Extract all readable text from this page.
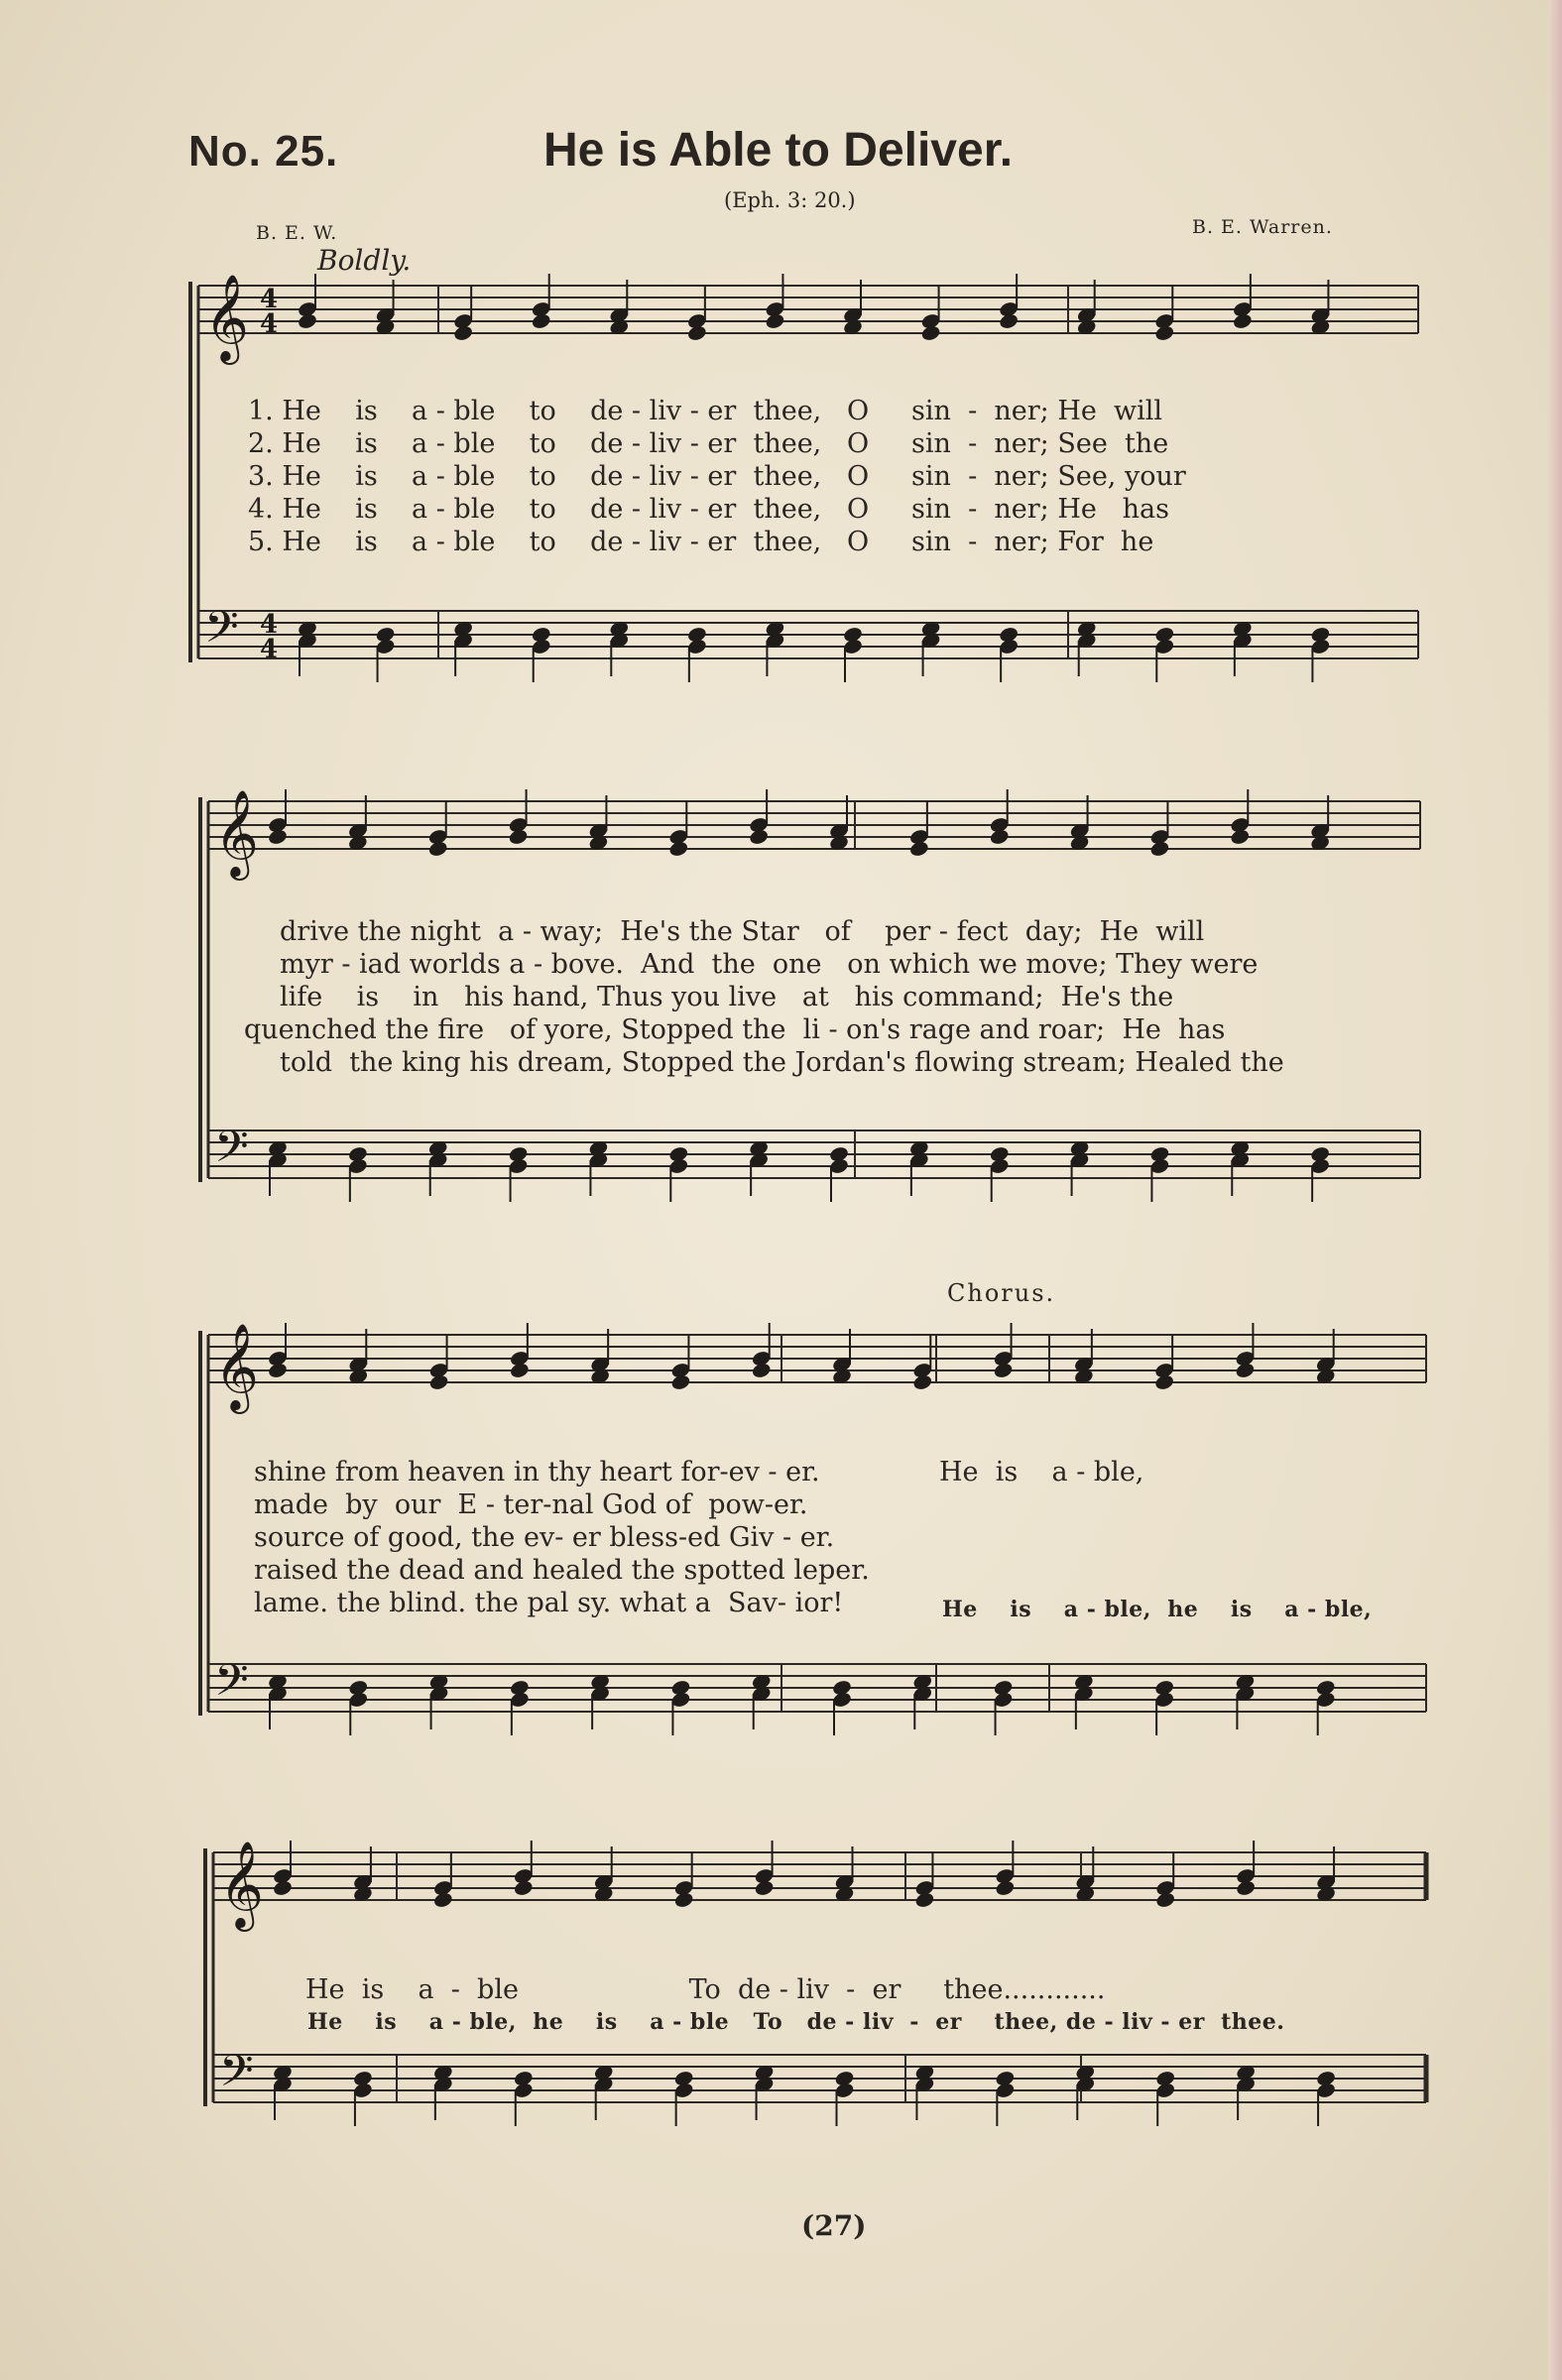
No. 25.	He is Able to Deliver.
(Eph. 3: 20.)
B. E. W.	B. E. Warren.
Boldly.
𝄞
𝄢
4
4
4
4
𝄞
𝄢
𝄞
𝄢
𝄞
𝄢
1. He    is    a - ble    to    de - liv - er  thee,   O     sin  -  ner; He  will
2. He    is    a - ble    to    de - liv - er  thee,   O     sin  -  ner; See  the
3. He    is    a - ble    to    de - liv - er  thee,   O     sin  -  ner; See, your
4. He    is    a - ble    to    de - liv - er  thee,   O     sin  -  ner; He   has
5. He    is    a - ble    to    de - liv - er  thee,   O     sin  -  ner; For  he
drive the night  a - way;  He's the Star   of    per - fect  day;  He  will
myr - iad worlds a - bove.  And  the  one   on which we move; They were
life    is    in   his hand, Thus you live   at   his command;  He's the
quenched the fire   of yore, Stopped the  li - on's rage and roar;  He  has
told  the king his dream, Stopped the Jordan's flowing stream; Healed the
Chorus.
shine from heaven in thy heart for-ev - er.
made  by  our  E - ter-nal God of  pow-er.
source of good, the ev- er bless-ed Giv - er.
raised the dead and healed the spotted leper.
lame. the blind. the pal sy. what a  Sav- ior!
He  is    a - ble,
He    is    a - ble,  he    is    a - ble,
He  is    a  -  ble                    To  de - liv  -  er     thee............
He    is    a - ble,  he    is    a - ble   To   de - liv  -  er    thee, de - liv - er  thee.
(27)
